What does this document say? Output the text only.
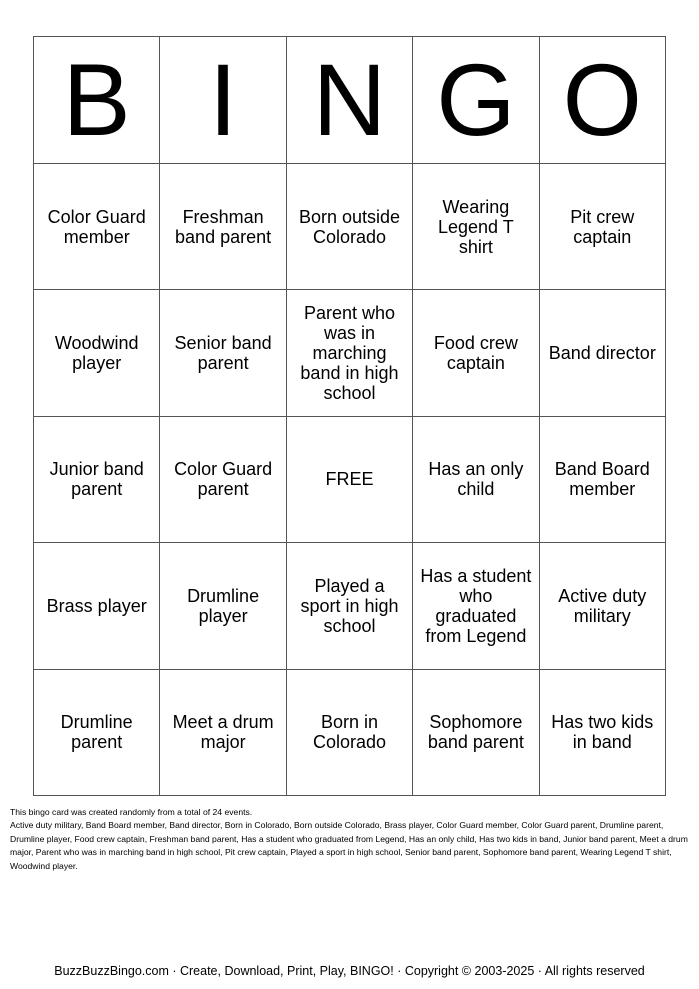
B	I	N	G	O
Color Guard member	Freshman band parent	Born outside Colorado	Wearing Legend T shirt	Pit crew captain
Woodwind player	Senior band parent	Parent who was in marching band in high school	Food crew captain	Band director
Junior band parent	Color Guard parent	FREE	Has an only child	Band Board member
Brass player	Drumline player	Played a sport in high school	Has a student who graduated from Legend	Active duty military
Drumline parent	Meet a drum major	Born in Colorado	Sophomore band parent	Has two kids in band

This bingo card was created randomly from a total of 24 events.

Active duty military, Band Board member, Band director, Born in Colorado, Born outside Colorado, Brass player, Color Guard member, Color Guard parent, Drumline parent, Drumline player, Food crew captain, Freshman band parent, Has a student who graduated from Legend, Has an only child, Has two kids in band, Junior band parent, Meet a drum major, Parent who was in marching band in high school, Pit crew captain, Played a sport in high school, Senior band parent, Sophomore band parent, Wearing Legend T shirt, Woodwind player.

BuzzBuzzBingo.com · Create, Download, Print, Play, BINGO! · Copyright © 2003-2025 · All rights reserved
